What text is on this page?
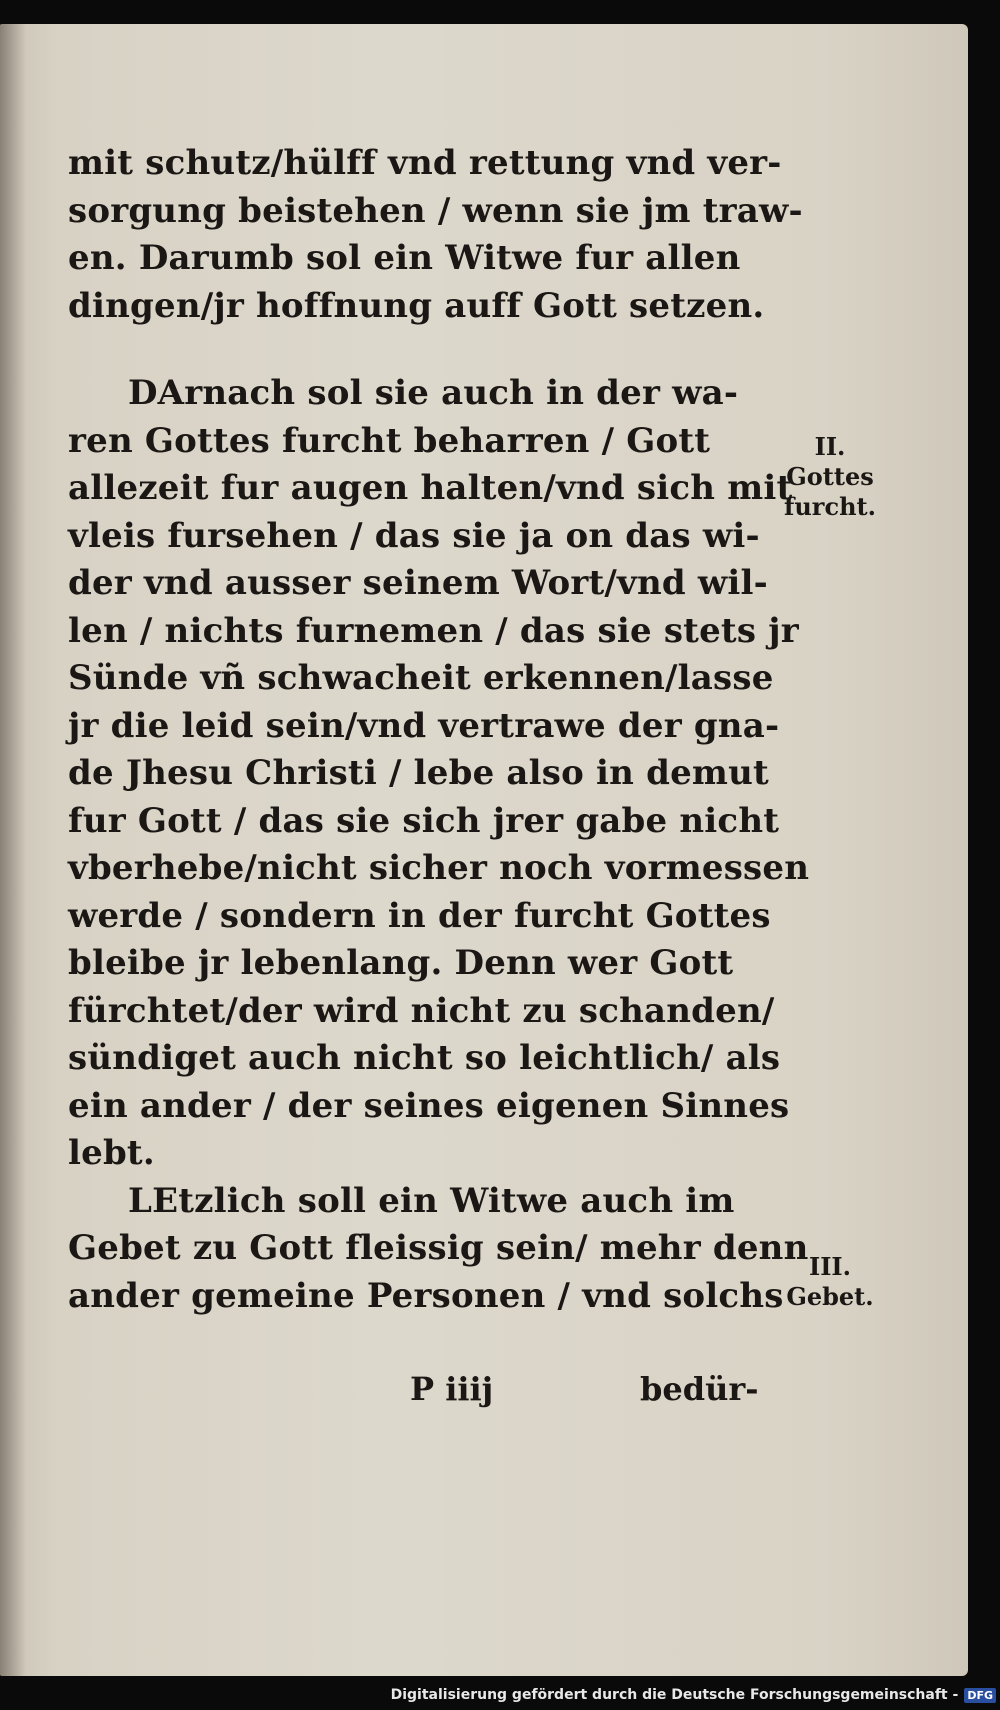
mit schutz/hülff vnd rettung vnd ver-
sorgung beistehen / wenn sie jm traw-
en. Darumb sol ein Witwe fur allen
dingen/jr hoffnung auff Gott setzen.
DArnach sol sie auch in der wa-
ren Gottes furcht beharren / Gott
allezeit fur augen halten/vnd sich mit
vleis fursehen / das sie ja on das wi-
der vnd ausser seinem Wort/vnd wil-
len / nichts furnemen / das sie stets jr
Sünde vñ schwacheit erkennen/lasse
jr die leid sein/vnd vertrawe der gna-
de Jhesu Christi / lebe also in demut
fur Gott / das sie sich jrer gabe nicht
vberhebe/nicht sicher noch vormessen
werde / sondern in der furcht Gottes
bleibe jr lebenlang. Denn wer Gott
fürchtet/der wird nicht zu schanden/
sündiget auch nicht so leichtlich/ als
ein ander / der seines eigenen Sinnes
lebt.
LEtzlich soll ein Witwe auch im
Gebet zu Gott fleissig sein/ mehr denn
ander gemeine Personen / vnd solchs
II.
Gottes
furcht.
III.
Gebet.
P iiij	bedür-
Digitalisierung gefördert durch die Deutsche Forschungsgemeinschaft - DFG
